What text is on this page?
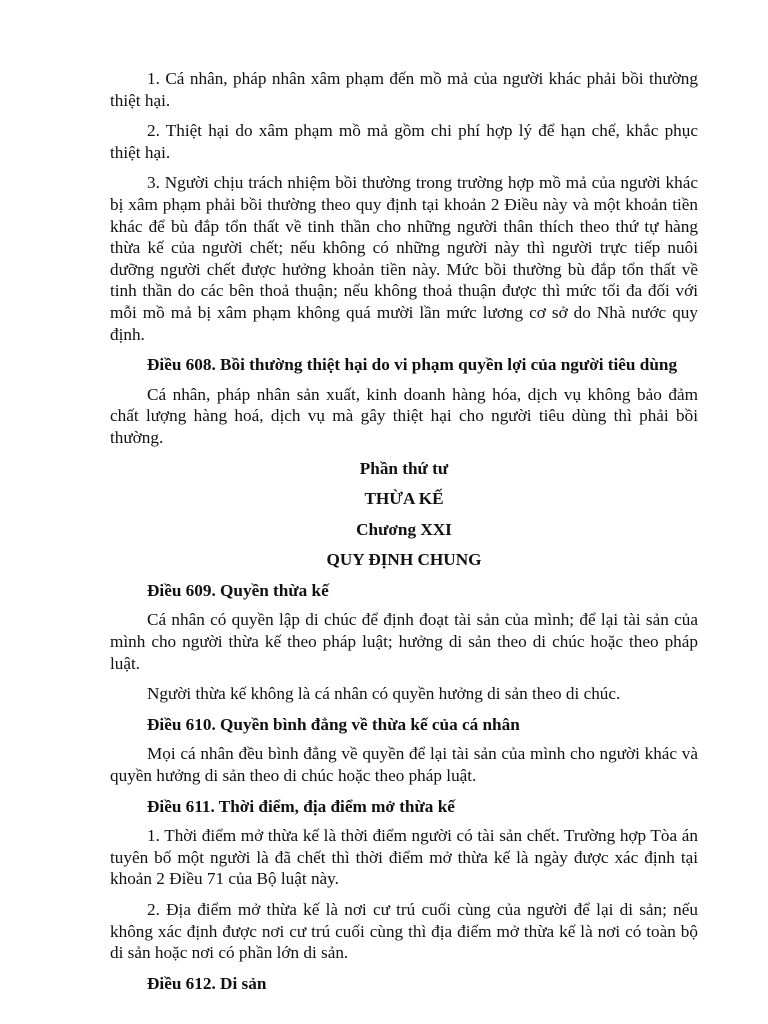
1. Cá nhân, pháp nhân xâm phạm đến mồ mả của người khác phải bồi thường thiệt hại.

2. Thiệt hại do xâm phạm mồ mả gồm chi phí hợp lý để hạn chế, khắc phục thiệt hại.

3. Người chịu trách nhiệm bồi thường trong trường hợp mồ mả của người khác bị xâm phạm phải bồi thường theo quy định tại khoản 2 Điều này và một khoản tiền khác để bù đắp tổn thất về tinh thần cho những người thân thích theo thứ tự hàng thừa kế của người chết; nếu không có những người này thì người trực tiếp nuôi dưỡng người chết được hưởng khoản tiền này. Mức bồi thường bù đắp tổn thất về tinh thần do các bên thoả thuận; nếu không thoả thuận được thì mức tối đa đối với mỗi mồ mả bị xâm phạm không quá mười lần mức lương cơ sở do Nhà nước quy định.

Điều 608. Bồi thường thiệt hại do vi phạm quyền lợi của người tiêu dùng

Cá nhân, pháp nhân sản xuất, kinh doanh hàng hóa, dịch vụ không bảo đảm chất lượng hàng hoá, dịch vụ mà gây thiệt hại cho người tiêu dùng thì phải bồi thường.

Phần thứ tư
THỪA KẾ
Chương XXI
QUY ĐỊNH CHUNG

Điều 609. Quyền thừa kế

Cá nhân có quyền lập di chúc để định đoạt tài sản của mình; để lại tài sản của mình cho người thừa kế theo pháp luật; hưởng di sản theo di chúc hoặc theo pháp luật.

Người thừa kế không là cá nhân có quyền hưởng di sản theo di chúc.

Điều 610. Quyền bình đẳng về thừa kế của cá nhân

Mọi cá nhân đều bình đẳng về quyền để lại tài sản của mình cho người khác và quyền hưởng di sản theo di chúc hoặc theo pháp luật.

Điều 611. Thời điểm, địa điểm mở thừa kế

1. Thời điểm mở thừa kế là thời điểm người có tài sản chết. Trường hợp Tòa án tuyên bố một người là đã chết thì thời điểm mở thừa kế là ngày được xác định tại khoản 2 Điều 71 của Bộ luật này.

2. Địa điểm mở thừa kế là nơi cư trú cuối cùng của người để lại di sản; nếu không xác định được nơi cư trú cuối cùng thì địa điểm mở thừa kế là nơi có toàn bộ di sản hoặc nơi có phần lớn di sản.

Điều 612. Di sản
